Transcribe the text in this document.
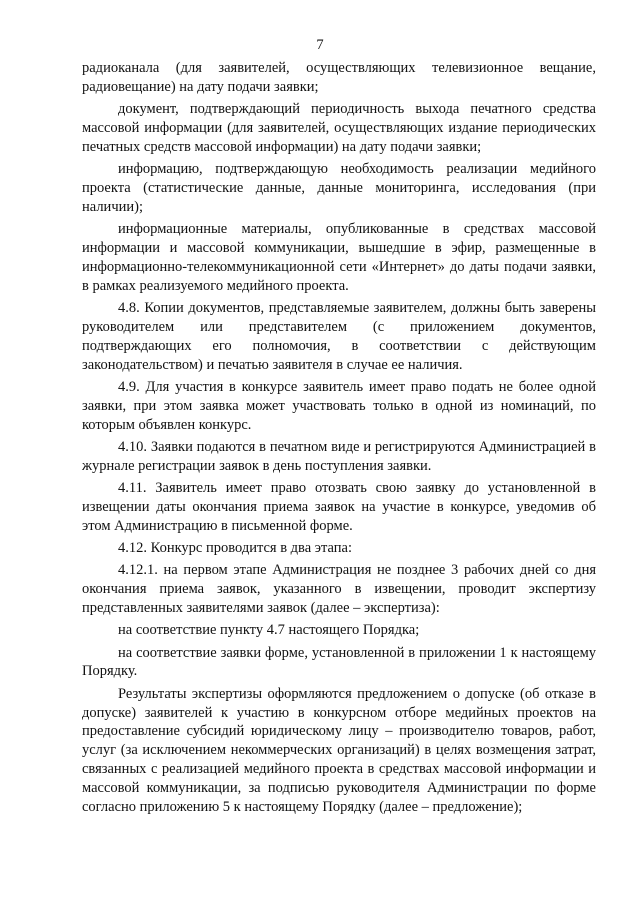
7

радиоканала (для заявителей, осуществляющих телевизионное вещание, радиовещание) на дату подачи заявки;

документ, подтверждающий периодичность выхода печатного средства массовой информации (для заявителей, осуществляющих издание периодических печатных средств массовой информации) на дату подачи заявки;

информацию, подтверждающую необходимость реализации медийного проекта (статистические данные, данные мониторинга, исследования (при наличии);

информационные материалы, опубликованные в средствах массовой информации и массовой коммуникации, вышедшие в эфир, размещенные в информационно-телекоммуникационной сети «Интернет» до даты подачи заявки, в рамках реализуемого медийного проекта.

4.8. Копии документов, представляемые заявителем, должны быть заверены руководителем или представителем (с приложением документов, подтверждающих его полномочия, в соответствии с действующим законодательством) и печатью заявителя в случае ее наличия.

4.9. Для участия в конкурсе заявитель имеет право подать не более одной заявки, при этом заявка может участвовать только в одной из номинаций, по которым объявлен конкурс.

4.10. Заявки подаются в печатном виде и регистрируются Администрацией в журнале регистрации заявок в день поступления заявки.

4.11. Заявитель имеет право отозвать свою заявку до установленной в извещении даты окончания приема заявок на участие в конкурсе, уведомив об этом Администрацию в письменной форме.

4.12. Конкурс проводится в два этапа:

4.12.1. на первом этапе Администрация не позднее 3 рабочих дней со дня окончания приема заявок, указанного в извещении, проводит экспертизу представленных заявителями заявок (далее – экспертиза):

на соответствие пункту 4.7 настоящего Порядка;

на соответствие заявки форме, установленной в приложении 1 к настоящему Порядку.

Результаты экспертизы оформляются предложением о допуске (об отказе в допуске) заявителей к участию в конкурсном отборе медийных проектов на предоставление субсидий юридическому лицу – производителю товаров, работ, услуг (за исключением некоммерческих организаций) в целях возмещения затрат, связанных с реализацией медийного проекта в средствах массовой информации и массовой коммуникации, за подписью руководителя Администрации по форме согласно приложению 5 к настоящему Порядку (далее – предложение);
